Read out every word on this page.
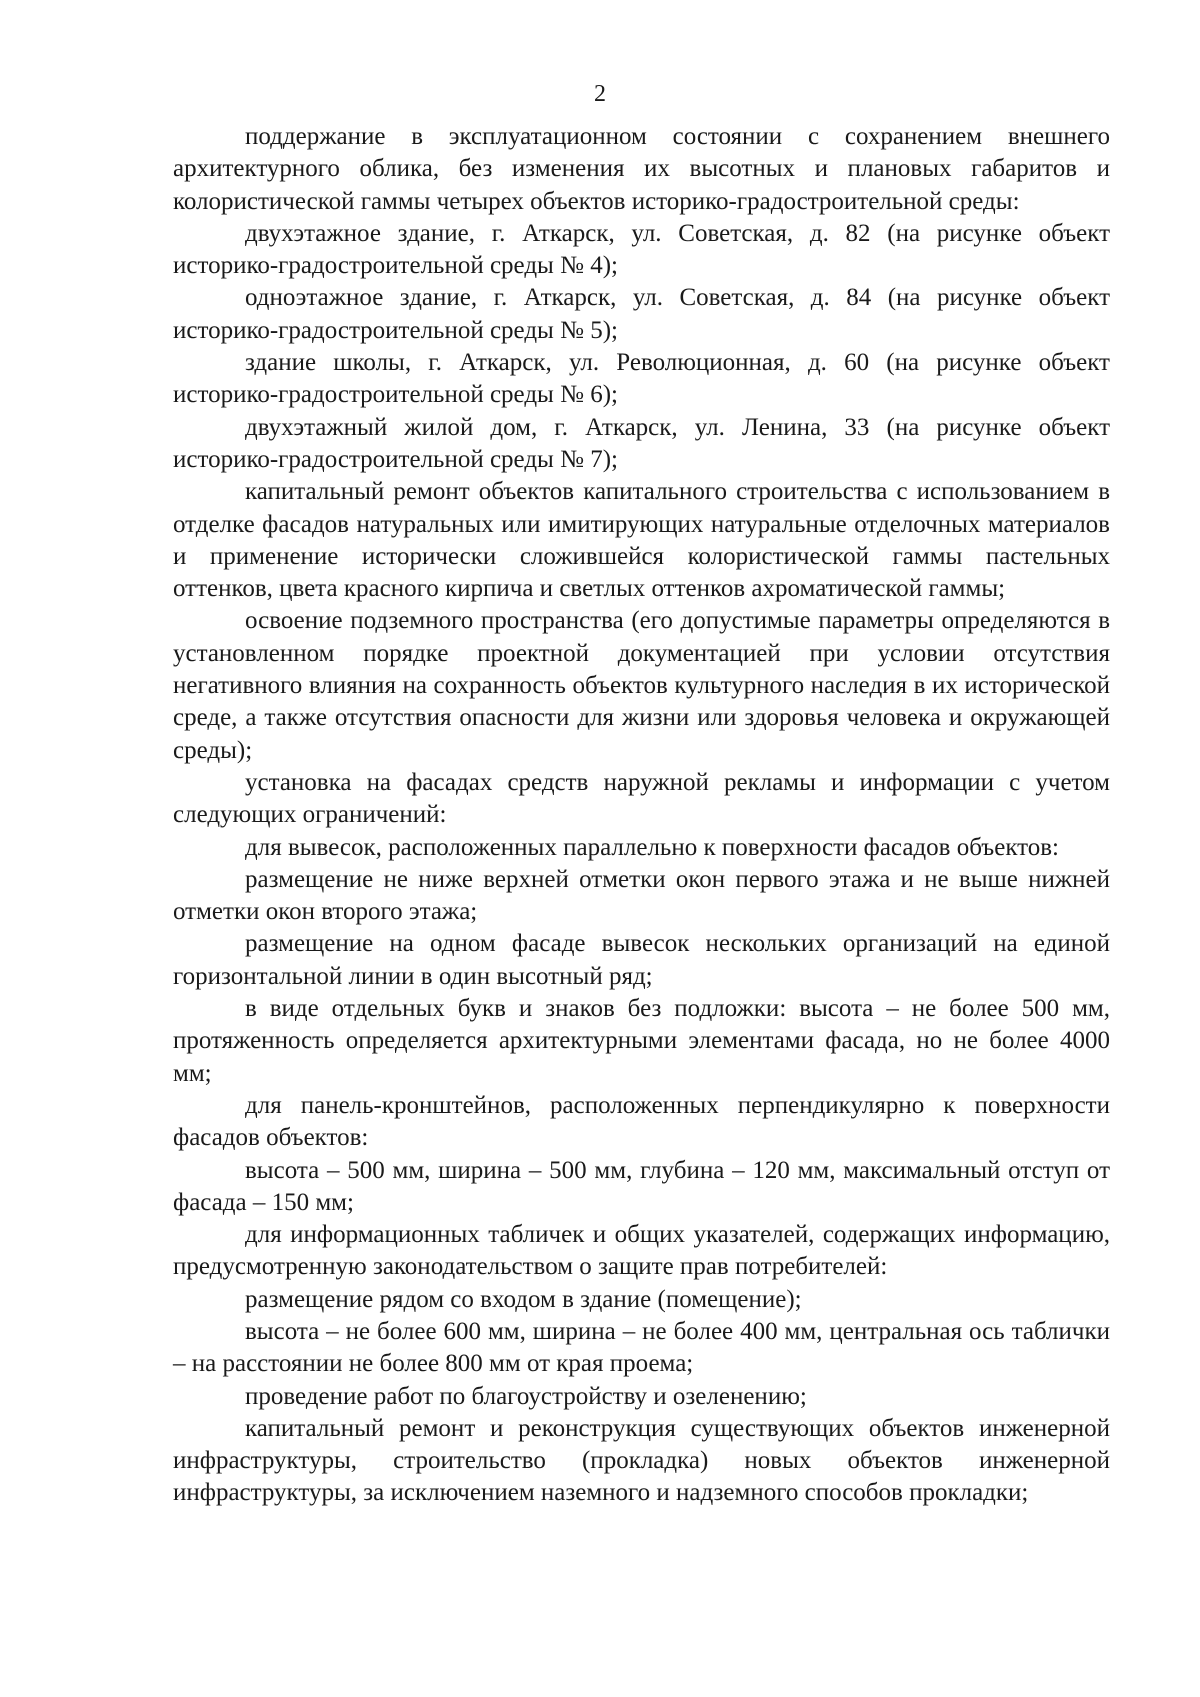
2

поддержание в эксплуатационном состоянии с сохранением внешнего архитектурного облика, без изменения их высотных и плановых габаритов и колористической гаммы четырех объектов историко-градостроительной среды:

двухэтажное здание, г. Аткарск, ул. Советская, д. 82 (на рисунке объект историко-градостроительной среды № 4);

одноэтажное здание, г. Аткарск, ул. Советская, д. 84 (на рисунке объект историко-градостроительной среды № 5);

здание школы, г. Аткарск, ул. Революционная, д. 60 (на рисунке объект историко-градостроительной среды № 6);

двухэтажный жилой дом, г. Аткарск, ул. Ленина, 33 (на рисунке объект историко-градостроительной среды № 7);

капитальный ремонт объектов капитального строительства с использованием в отделке фасадов натуральных или имитирующих натуральные отделочных материалов и применение исторически сложившейся колористической гаммы пастельных оттенков, цвета красного кирпича и светлых оттенков ахроматической гаммы;

освоение подземного пространства (его допустимые параметры определяются в установленном порядке проектной документацией при условии отсутствия негативного влияния на сохранность объектов культурного наследия в их исторической среде, а также отсутствия опасности для жизни или здоровья человека и окружающей среды);

установка на фасадах средств наружной рекламы и информации с учетом следующих ограничений:

для вывесок, расположенных параллельно к поверхности фасадов объектов:

размещение не ниже верхней отметки окон первого этажа и не выше нижней отметки окон второго этажа;

размещение на одном фасаде вывесок нескольких организаций на единой горизонтальной линии в один высотный ряд;

в виде отдельных букв и знаков без подложки: высота – не более 500 мм, протяженность определяется архитектурными элементами фасада, но не более 4000 мм;

для панель-кронштейнов, расположенных перпендикулярно к поверхности фасадов объектов:

высота – 500 мм, ширина – 500 мм, глубина – 120 мм, максимальный отступ от фасада – 150 мм;

для информационных табличек и общих указателей, содержащих информацию, предусмотренную законодательством о защите прав потребителей:

размещение рядом со входом в здание (помещение);

высота – не более 600 мм, ширина – не более 400 мм, центральная ось таблички – на расстоянии не более 800 мм от края проема;

проведение работ по благоустройству и озеленению;

капитальный ремонт и реконструкция существующих объектов инженерной инфраструктуры, строительство (прокладка) новых объектов инженерной инфраструктуры, за исключением наземного и надземного способов прокладки;
